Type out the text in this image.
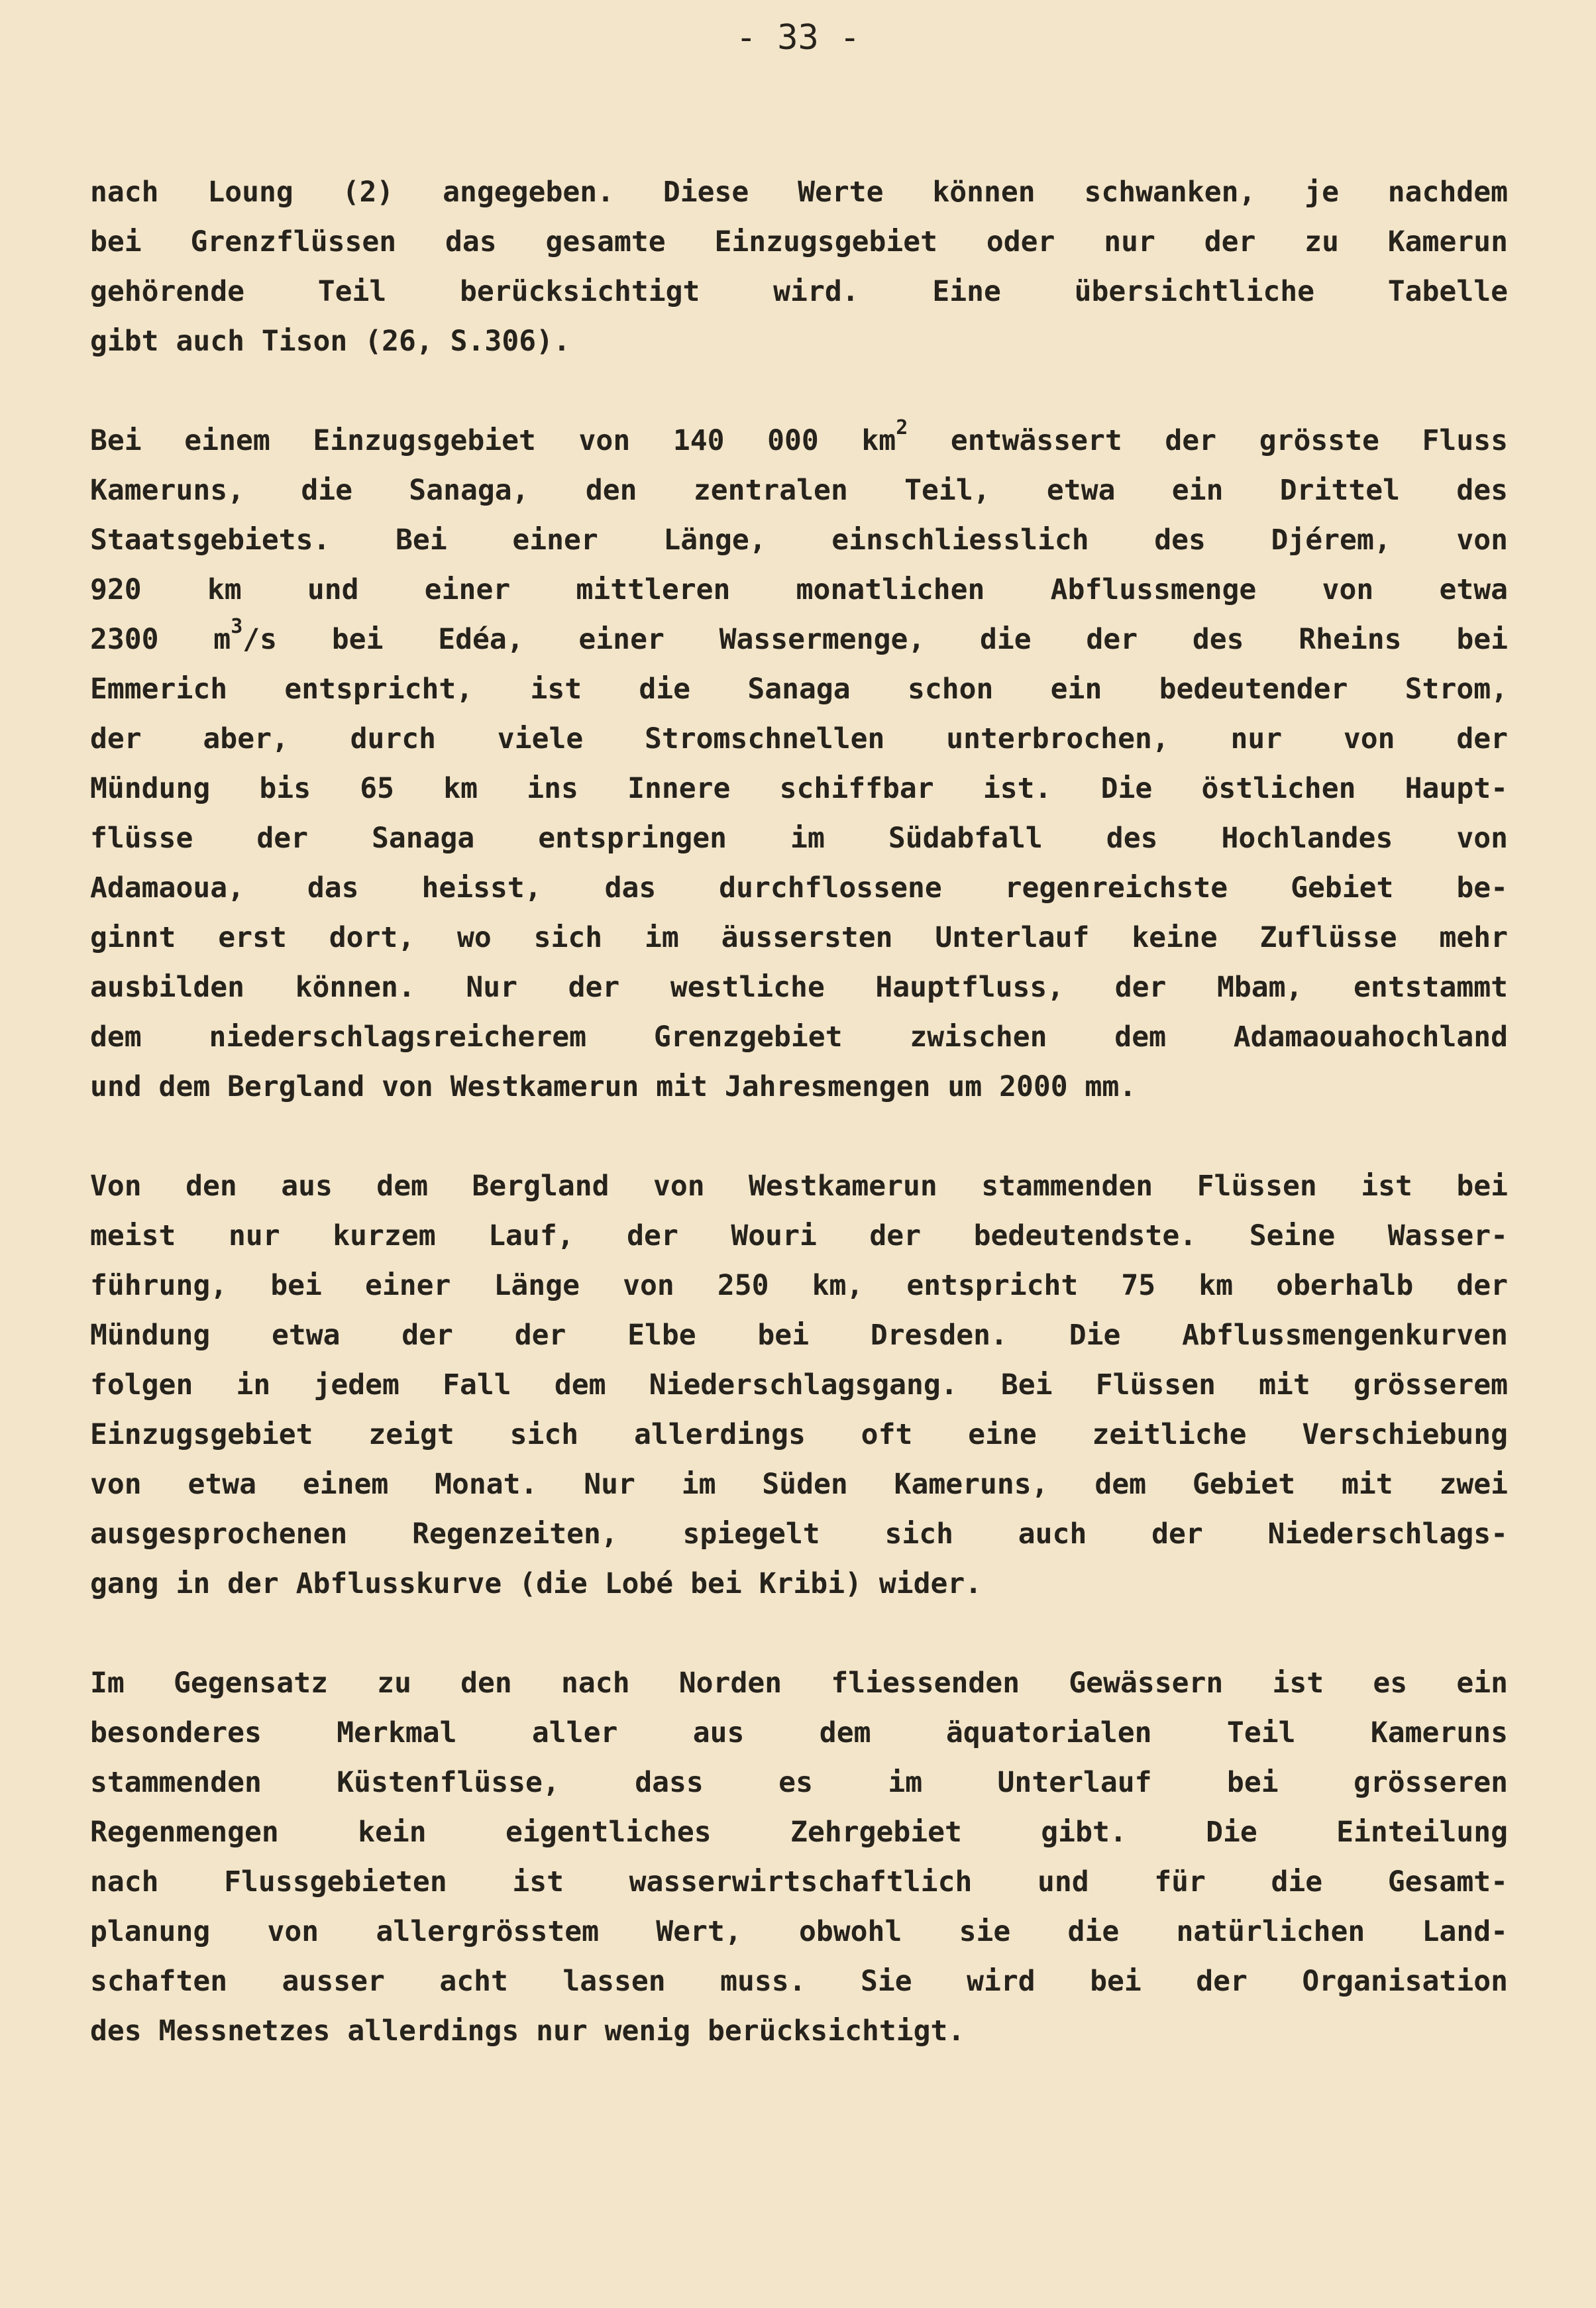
- 33 -
nach Loung (2) angegeben. Diese Werte können schwanken, je nachdem
bei Grenzflüssen das gesamte Einzugsgebiet oder nur der zu Kamerun
gehörende Teil berücksichtigt wird. Eine übersichtliche Tabelle
gibt auch Tison (26, S.306).
Bei einem Einzugsgebiet von 140 000 $km^2$ entwässert der grösste Fluss
Kameruns, die Sanaga, den zentralen Teil, etwa ein Drittel des
Staatsgebiets. Bei einer Länge, einschliesslich des Djérem, von
920 km und einer mittleren monatlichen Abflussmenge von etwa
2300 $m^3/s$ bei Edéa, einer Wassermenge, die der des Rheins bei
Emmerich entspricht, ist die Sanaga schon ein bedeutender Strom,
der aber, durch viele Stromschnellen unterbrochen, nur von der
Mündung bis 65 km ins Innere schiffbar ist. Die östlichen Haupt-
flüsse der Sanaga entspringen im Südabfall des Hochlandes von
Adamaoua, das heisst, das durchflossene regenreichste Gebiet be-
ginnt erst dort, wo sich im äussersten Unterlauf keine Zuflüsse mehr
ausbilden können. Nur der westliche Hauptfluss, der Mbam, entstammt
dem niederschlagsreicherem Grenzgebiet zwischen dem Adamaouahochland
und dem Bergland von Westkamerun mit Jahresmengen um 2000 mm.
Von den aus dem Bergland von Westkamerun stammenden Flüssen ist bei
meist nur kurzem Lauf, der Wouri der bedeutendste. Seine Wasser-
führung, bei einer Länge von 250 km, entspricht 75 km oberhalb der
Mündung etwa der der Elbe bei Dresden. Die Abflussmengenkurven
folgen in jedem Fall dem Niederschlagsgang. Bei Flüssen mit grösserem
Einzugsgebiet zeigt sich allerdings oft eine zeitliche Verschiebung
von etwa einem Monat. Nur im Süden Kameruns, dem Gebiet mit zwei
ausgesprochenen Regenzeiten, spiegelt sich auch der Niederschlags-
gang in der Abflusskurve (die Lobé bei Kribi) wider.
Im Gegensatz zu den nach Norden fliessenden Gewässern ist es ein
besonderes Merkmal aller aus dem äquatorialen Teil Kameruns
stammenden Küstenflüsse, dass es im Unterlauf bei grösseren
Regenmengen kein eigentliches Zehrgebiet gibt. Die Einteilung
nach Flussgebieten ist wasserwirtschaftlich und für die Gesamt-
planung von allergrösstem Wert, obwohl sie die natürlichen Land-
schaften ausser acht lassen muss. Sie wird bei der Organisation
des Messnetzes allerdings nur wenig berücksichtigt.
